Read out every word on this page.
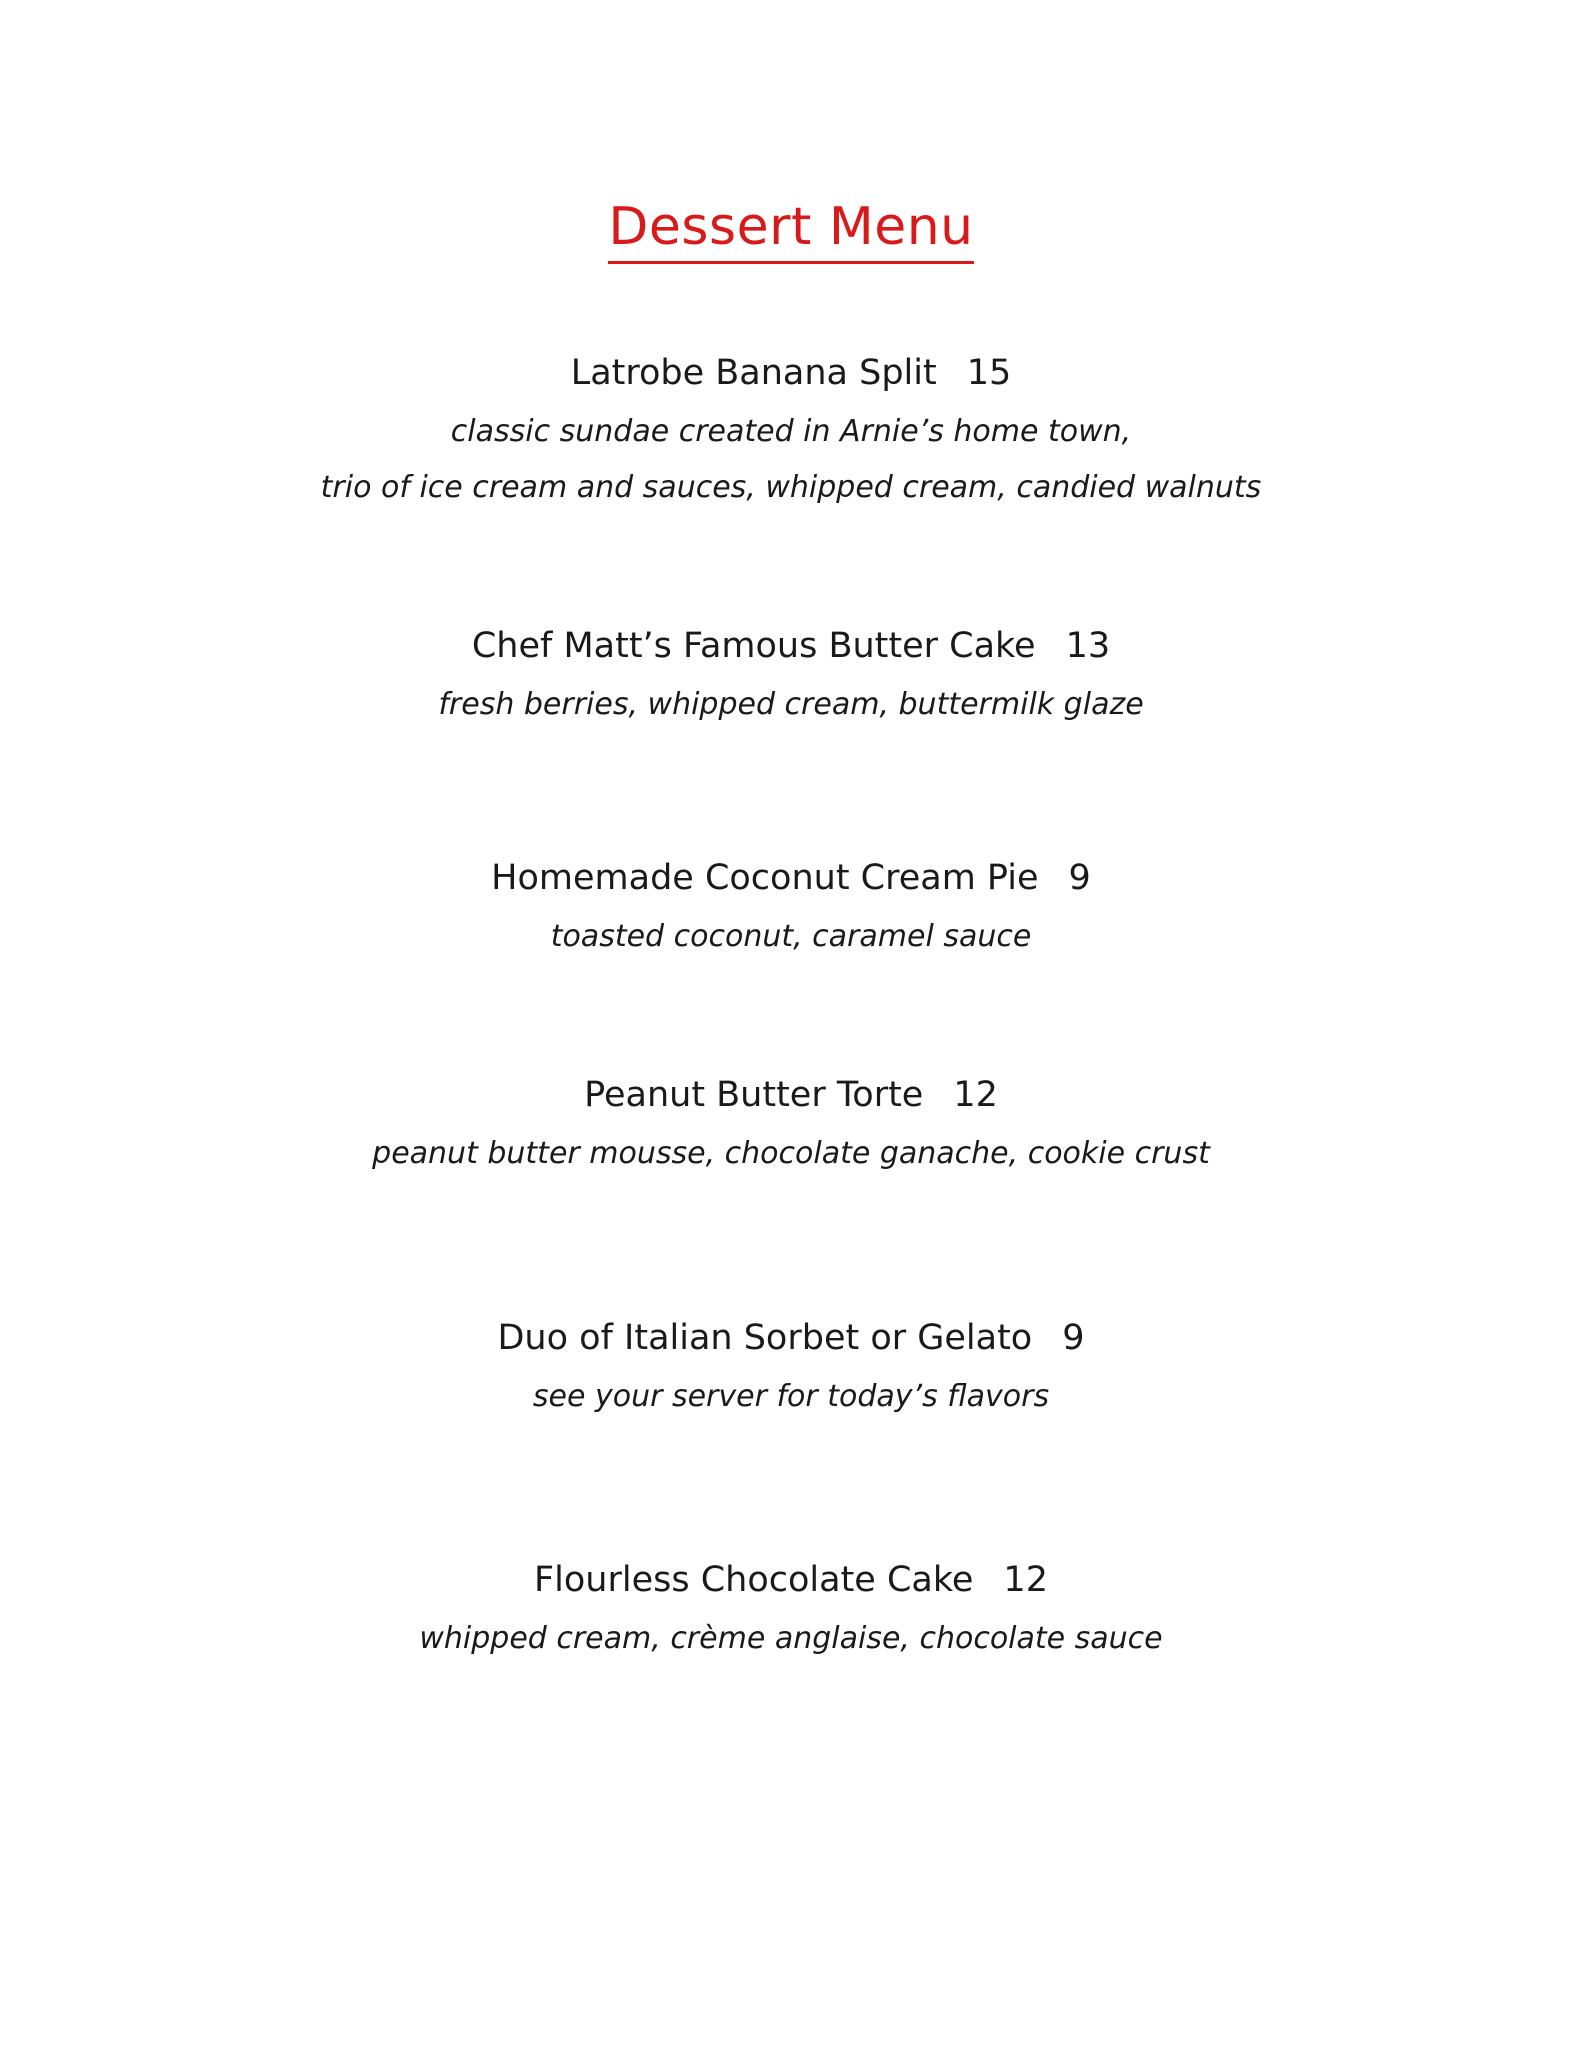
Dessert Menu
Latrobe Banana Split 15
classic sundae created in Arnie’s home town,
trio of ice cream and sauces, whipped cream, candied walnuts
Chef Matt’s Famous Butter Cake 13
fresh berries, whipped cream, buttermilk glaze
Homemade Coconut Cream Pie 9
toasted coconut, caramel sauce
Peanut Butter Torte 12
peanut butter mousse, chocolate ganache, cookie crust
Duo of Italian Sorbet or Gelato 9
see your server for today’s flavors
Flourless Chocolate Cake 12
whipped cream, crème anglaise, chocolate sauce
